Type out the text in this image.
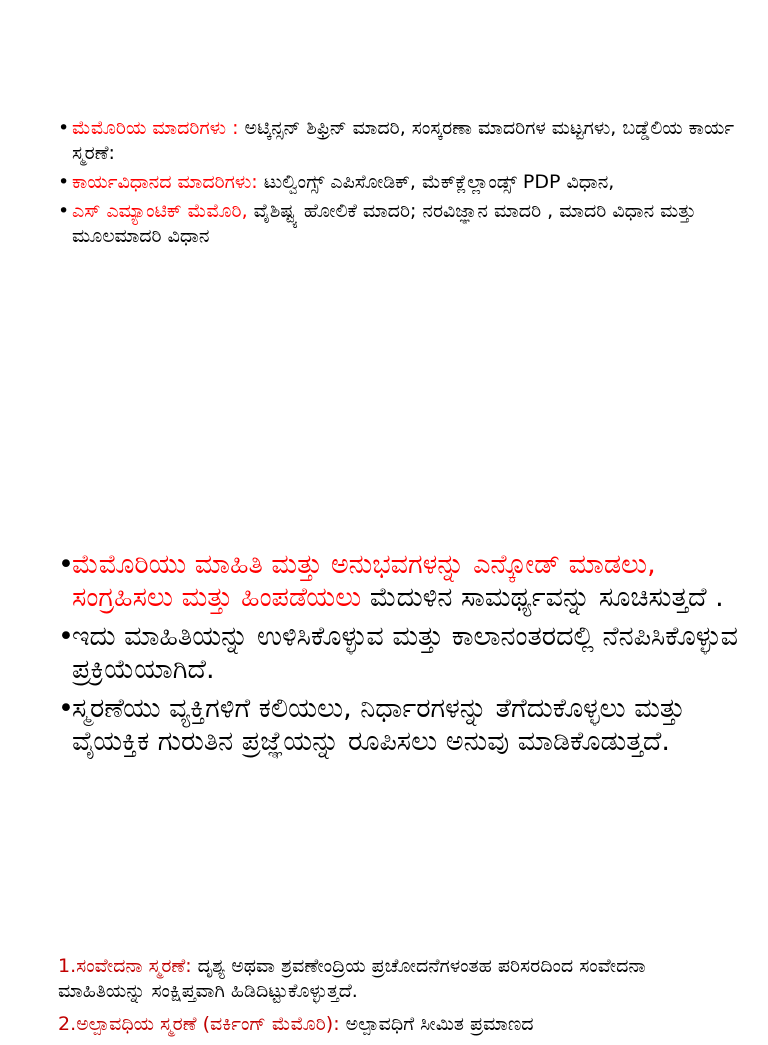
• ಮೆಮೊರಿಯ ಮಾದರಿಗಳು : ಅಟ್ಕಿನ್ಸನ್ ಶಿಫ್ರಿನ್ ಮಾದರಿ, ಸಂಸ್ಕರಣಾ ಮಾದರಿಗಳ ಮಟ್ಟಗಳು, ಬಡ್ಡೆಲಿಯ ಕಾರ್ಯ ಸ್ಮರಣೆ:
• ಕಾರ್ಯವಿಧಾನದ ಮಾದರಿಗಳು: ಟುಲ್ವಿಂಗ್ಸ್ ಎಪಿಸೋಡಿಕ್, ಮೆಕ್‌ಕ್ಲೆಲ್ಲಾಂಡ್ಸ್ PDP ವಿಧಾನ,
• ಎಸ್ ಎಮ್ಯಾಂಟಿಕ್ ಮೆಮೊರಿ, ವೈಶಿಷ್ಟ್ಯ ಹೋಲಿಕೆ ಮಾದರಿ; ನರವಿಜ್ಞಾನ ಮಾದರಿ , ಮಾದರಿ ವಿಧಾನ ಮತ್ತು ಮೂಲಮಾದರಿ ವಿಧಾನ
•
ಮೆಮೊರಿಯು ಮಾಹಿತಿ ಮತ್ತು ಅನುಭವಗಳನ್ನು ಎನ್ಕೋಡ್ ಮಾಡಲು, ಸಂಗ್ರಹಿಸಲು ಮತ್ತು ಹಿಂಪಡೆಯಲು ಮೆದುಳಿನ ಸಾಮರ್ಥ್ಯವನ್ನು ಸೂಚಿಸುತ್ತದೆ .
•
ಇದು ಮಾಹಿತಿಯನ್ನು ಉಳಿಸಿಕೊಳ್ಳುವ ಮತ್ತು ಕಾಲಾನಂತರದಲ್ಲಿ ನೆನಪಿಸಿಕೊಳ್ಳುವ ಪ್ರಕ್ರಿಯೆಯಾಗಿದೆ.
•
ಸ್ಮರಣೆಯು ವ್ಯಕ್ತಿಗಳಿಗೆ ಕಲಿಯಲು, ನಿರ್ಧಾರಗಳನ್ನು ತೆಗೆದುಕೊಳ್ಳಲು ಮತ್ತು ವೈಯಕ್ತಿಕ ಗುರುತಿನ ಪ್ರಜ್ಞೆಯನ್ನು ರೂಪಿಸಲು ಅನುವು ಮಾಡಿಕೊಡುತ್ತದೆ.
1.ಸಂವೇದನಾ ಸ್ಮರಣೆ: ದೃಶ್ಯ ಅಥವಾ ಶ್ರವಣೇಂದ್ರಿಯ ಪ್ರಚೋದನೆಗಳಂತಹ ಪರಿಸರದಿಂದ ಸಂವೇದನಾ ಮಾಹಿತಿಯನ್ನು ಸಂಕ್ಷಿಪ್ತವಾಗಿ ಹಿಡಿದಿಟ್ಟುಕೊಳ್ಳುತ್ತದೆ.
2.ಅಲ್ಪಾವಧಿಯ ಸ್ಮರಣೆ (ವರ್ಕಿಂಗ್ ಮೆಮೊರಿ): ಅಲ್ಪಾವಧಿಗೆ ಸೀಮಿತ ಪ್ರಮಾಣದ
